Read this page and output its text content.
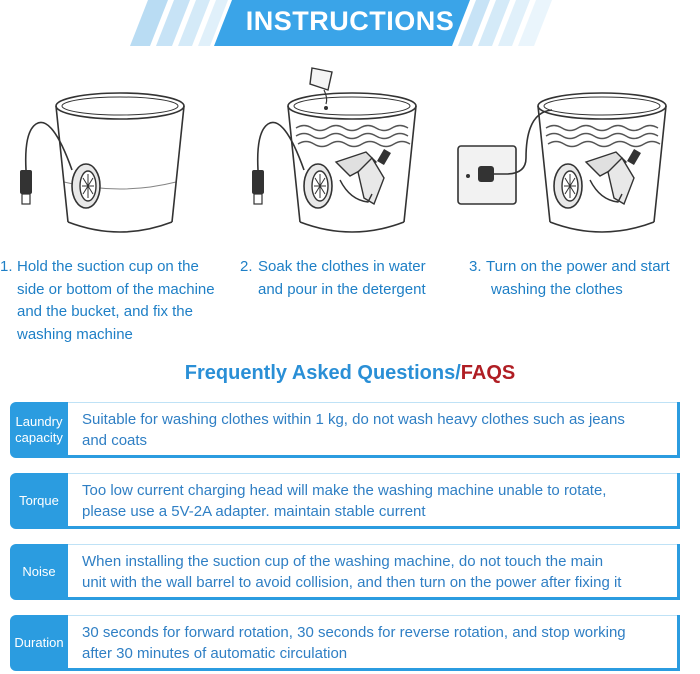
INSTRUCTIONS
1. Hold the suction cup on the
side or bottom of the machine
and the bucket, and fix the
washing machine
2. Soak the clothes in water
and pour in the detergent
3. Turn on the power and start
washing the clothes
Frequently Asked Questions/FAQS
Laundry
capacity
Suitable for washing clothes within 1 kg, do not wash heavy clothes such as jeans
and coats
Torque
Too low current charging head will make the washing machine unable to rotate,
please use a 5V-2A adapter. maintain stable current
Noise
When installing the suction cup of the washing machine, do not touch the main
unit with the wall barrel to avoid collision, and then turn on the power after fixing it
Duration
30 seconds for forward rotation, 30 seconds for reverse rotation, and stop working
after 30 minutes of automatic circulation
